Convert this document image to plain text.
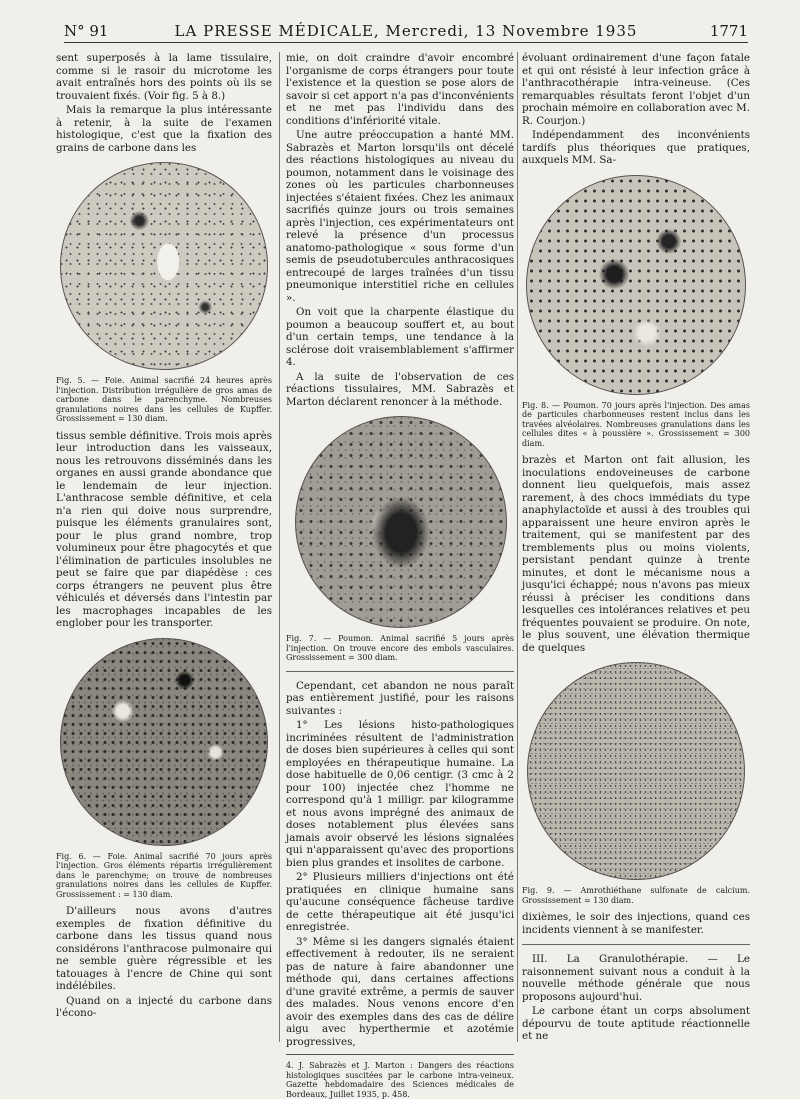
N° 91	LA PRESSE MÉDICALE, Mercredi, 13 Novembre 1935	1771

sent superposés à la lame tissulaire, comme si le rasoir du microtome les avait entraînés hors des points où ils se trouvaient fixés. (Voir fig. 5 à 8.)

Mais la remarque la plus intéressante à retenir, à la suite de l'examen histologique, c'est que la fixation des grains de carbone dans les

Fig. 5. — Foie. Animal sacrifié 24 heures après l'injection. Distribution irrégulière de gros amas de carbone dans le parenchyme. Nombreuses granulations noires dans les cellules de Kupffer. Grossissement = 130 diam.

tissus semble définitive. Trois mois après leur introduction dans les vaisseaux, nous les retrouvons disséminés dans les organes en aussi grande abondance que le lendemain de leur injection. L'anthracose semble définitive, et cela n'a rien qui doive nous surprendre, puisque les éléments granulaires sont, pour le plus grand nombre, trop volumineux pour être phagocytés et que l'élimination de particules insolubles ne peut se faire que par diapédèse : ces corps étrangers ne peuvent plus être véhiculés et déversés dans l'intestin par les macrophages incapables de les englober pour les transporter.

Fig. 6. — Foie. Animal sacrifié 70 jours après l'injection. Gros éléments répartis irrégulièrement dans le parenchyme; on trouve de nombreuses granulations noires dans les cellules de Kupffer. Grossissement : = 130 diam.

D'ailleurs nous avons d'autres exemples de fixation définitive du carbone dans les tissus quand nous considérons l'anthracose pulmonaire qui ne semble guère régressible et les tatouages à l'encre de Chine qui sont indélébiles.

Quand on a injecté du carbone dans l'écono-

mie, on doit craindre d'avoir encombré l'organisme de corps étrangers pour toute l'existence et la question se pose alors de savoir si cet apport n'a pas d'inconvénients et ne met pas l'individu dans des conditions d'infériorité vitale.

Une autre préoccupation a hanté MM. Sabrazès et Marton lorsqu'ils ont décelé des réactions histologiques au niveau du poumon, notamment dans le voisinage des zones où les particules charbonneuses injectées s'étaient fixées. Chez les animaux sacrifiés quinze jours ou trois semaines après l'injection, ces expérimentateurs ont relevé la présence d'un processus anatomo-pathologique « sous forme d'un semis de pseudotubercules anthracosiques entrecoupé de larges traînées d'un tissu pneumonique interstitiel riche en cellules ».

On voit que la charpente élastique du poumon a beaucoup souffert et, au bout d'un certain temps, une tendance à la sclérose doit vraisemblablement s'affirmer 4.

A la suite de l'observation de ces réactions tissulaires, MM. Sabrazès et Marton déclarent renoncer à la méthode.

Fig. 7. — Poumon. Animal sacrifié 5 jours après l'injection. On trouve encore des embols vasculaires. Grossissement = 300 diam.

Cependant, cet abandon ne nous paraît pas entièrement justifié, pour les raisons suivantes :

1° Les lésions histo-pathologiques incriminées résultent de l'administration de doses bien supérieures à celles qui sont employées en thérapeutique humaine. La dose habituelle de 0,06 centigr. (3 cmc à 2 pour 100) injectée chez l'homme ne correspond qu'à 1 milligr. par kilogramme et nous avons imprégné des animaux de doses notablement plus élevées sans jamais avoir observé les lésions signalées qui n'apparaissent qu'avec des proportions bien plus grandes et insolites de carbone.

2° Plusieurs milliers d'injections ont été pratiquées en clinique humaine sans qu'aucune conséquence fâcheuse tardive de cette thérapeutique ait été jusqu'ici enregistrée.

3° Même si les dangers signalés étaient effectivement à redouter, ils ne seraient pas de nature à faire abandonner une méthode qui, dans certaines affections d'une gravité extrême, a permis de sauver des malades. Nous venons encore d'en avoir des exemples dans des cas de délire aigu avec hyperthermie et azotémie progressives,

4. J. Sabrazès et J. Marton : Dangers des réactions histologiques suscitées par le carbone intra-veineux. Gazette hebdomadaire des Sciences médicales de Bordeaux, Juillet 1935, p. 458.

évoluant ordinairement d'une façon fatale et qui ont résisté à leur infection grâce à l'anthracothérapie intra-veineuse. (Ces remarquables résultats feront l'objet d'un prochain mémoire en collaboration avec M. R. Courjon.)

Indépendamment des inconvénients tardifs plus théoriques que pratiques, auxquels MM. Sa-

Fig. 8. — Poumon. 70 jours après l'injection. Des amas de particules charbonneuses restent inclus dans les travées alvéolaires. Nombreuses granulations dans les cellules dites « à poussière ». Grossissement = 300 diam.

brazès et Marton ont fait allusion, les inoculations endoveineuses de carbone donnent lieu quelquefois, mais assez rarement, à des chocs immédiats du type anaphylactoïde et aussi à des troubles qui apparaissent une heure environ après le traitement, qui se manifestent par des tremblements plus ou moins violents, persistant pendant quinze à trente minutes, et dont le mécanisme nous a jusqu'ici échappé; nous n'avons pas mieux réussi à préciser les conditions dans lesquelles ces intolérances relatives et peu fréquentes pouvaient se produire. On note, le plus souvent, une élévation thermique de quelques

Fig. 9. — Amrothiéthane sulfonate de calcium. Grossissement = 130 diam.

dixièmes, le soir des injections, quand ces incidents viennent à se manifester.

III. La Granulothérapie. — Le raisonnement suivant nous a conduit à la nouvelle méthode générale que nous proposons aujourd'hui.

Le carbone étant un corps absolument dépourvu de toute aptitude réactionnelle et ne
